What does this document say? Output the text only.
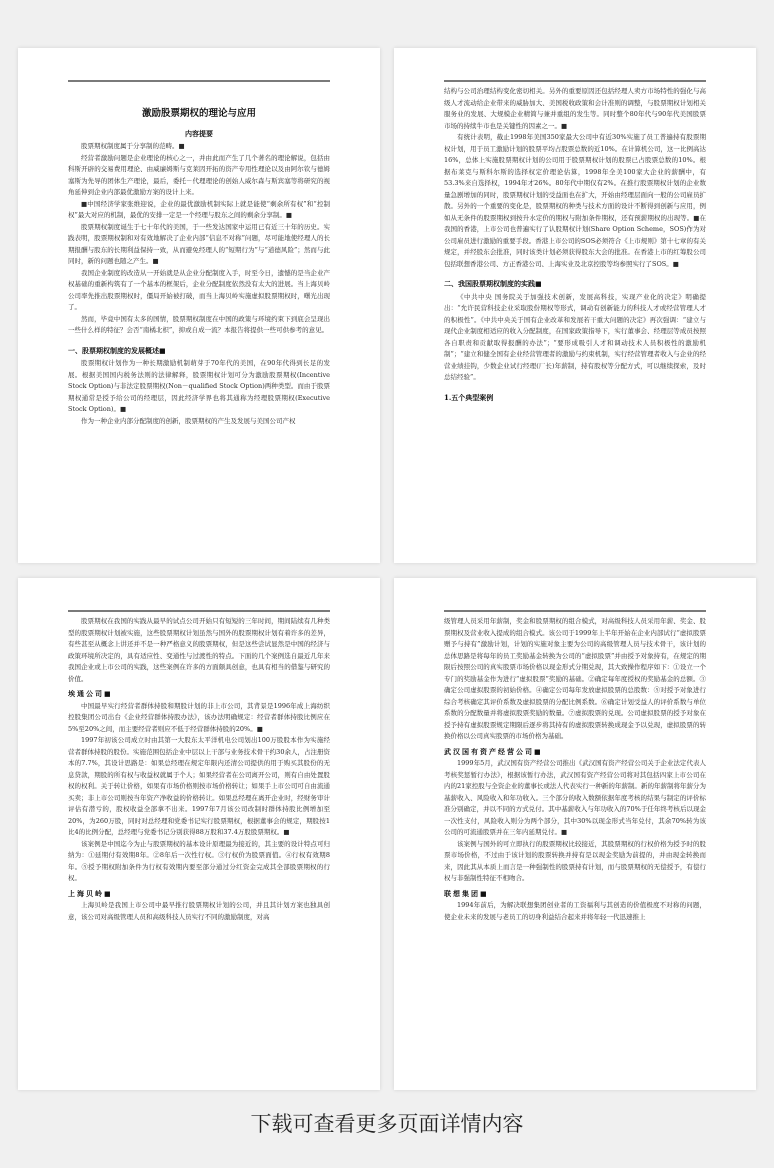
激励股票期权的理论与应用
内容提要

股票期权制度属于分享制的范畴。■

经营者激励问题是企业理论的核心之一，并由此而产生了几个著名的理论解说，包括由科斯开辟的交易费用理论、由威廉姆斯与克莱因开拓的资产专用性理论以及由阿尔钦与德姆塞斯为先导的团体生产理论，最后，委托－代理理论的创始人威尔森与斯宾塞等将研究的视角延伸到企业内部最优激励方案的设计上来。

■中国经济学家张维迎说，企业的最优激励机制实际上就是能使“剩余所有权”和“控制权”最大对应的机制，最优的安排一定是一个经理与股东之间的剩余分享制。■

股票期权制度诞生于七十年代的美国，于一些发达国家中运用已有近三十年的历史。实践表明，股票期权制和对有效地解决了企业内部“信息不对称”问题，尽可能地使经理人的长期报酬与股东的长期利益保持一致，从而避免经理人的“短期行为”与“道德风险”；然而与此同时，新的问题也随之产生。■

我国企业制度的改造从一开始就是从企业分配制度入手，时至今日，遗憾的是当企业产权基础的重新构筑有了一个基本的框架后，企业分配制度依然没有太大的进展。当上海贝岭公司率先推出股票期权时，僵局开始被打破，而当上海贝岭实施虚拟股票期权时，曙光出现了。

然而，毕竟中国有太多的国情，股票期权制度在中国的政策与环境约束下到底会呈现出一些什么样的特征？会否“南橘北枳”，抑或自成一流？本报告将提供一些可供参考的意见。

一、股票期权制度的发展概述■

股票期权计划作为一种长期激励机制萌芽于70年代的美国，在90年代得到长足的发展。根据美国国内税务法则的法律解释，股票期权计划可分为激励股票期权(Incentive Stock Option)与非法定股票期权(Non－qualified Stock Option)两种类型。而由于股票期权通常是授予给公司的经理层，因此经济学界也将其通称为经理股票期权(Executive Stock Option)。■

作为一种企业内部分配制度的创新，股票期权的产生及发展与美国公司产权

结构与公司治理结构变化密切相关。另外的重要原因还包括经理人卖方市场特性的强化与高级人才流动给企业带来的威胁加大、美国税收政策和会计准则的调整，与股票期权计划相关服务业的发展、大规模企业精简与兼并重组的发生等。同时整个80年代与90年代美国股票市场的持续牛市也是关键性的因素之一。■

有统计表明，截止1998年美国350家最大公司中有近30%实施了员工普遍持有股票期权计划，用于员工激励计划的股票平均占股票总数的近10%。在计算机公司，这一比例高达16%，总体上实施股票期权计划的公司用于股票期权计划的股票已占股票总数的10%。根据布莱克与斯科尔斯的选择权定价理论估算，1998年全美100家大企业的薪酬中，有53.3%来自选择权，1994年才26%。80年代中期仅有2%。在推行股票期权计划的企业数量急剧增加的同时，股票期权计划的受益面也在扩大，开始由经理层面向一般的公司雇员扩散。另外的一个重要的变化是，股票期权的种类与技术方面的设计不断得到创新与应用，例如从无条件的股票期权到按升水定价的期权与附加条件期权，还有预薪期权的出现等。■在我国的香港，上市公司也普遍实行了认股期权计划(Share Option Scheme，SOS)作为对公司雇员进行激励的重要手段。香港上市公司的SOS必须符合《上市规则》第十七章的有关规定，并经股东会批准，同时该类计划必须获得股东大会的批准。在香港上市的红筹股公司包括联想香港公司、方正香港公司、上海实业及北京控股等均参照实行了SOS。■

二、我国股票期权制度的实践■

《中共中央 国务院关于加强技术创新，发展高科技，实现产业化的决定》明确提出：“允许民营科技企业采取股份期权等形式，调动有创新能力的科技人才或经营管理人才的积极性”。《中共中央关于国有企业改革和发展若干重大问题的决定》再次强调：“建立与现代企业制度相适应的收入分配制度，在国家政策指导下，实行董事会、经理层等成员按照各自职责和贡献取得报酬的办法”；“要形成吸引人才和调动技术人员积极性的激励机制”；“建立和健全国有企业经营管理者的激励与约束机制，实行经营管理者收入与企业的经营业绩挂钩，少数企业试行经理(厂长)年薪制，持有股权等分配方式，可以继续探索，及时总结经验”。

1.五个典型案例

股票期权在我国的实践从最早的试点公司开始只有短短的三年时间，期间陆续有几种类型的股票期权计划被实施，这些股票期权计划虽然与国外的股票期权计划有着许多的差异，有些甚至从概念上讲还并不是一种严格意义的股票期权，但是这些尝试显然是中国的经济与政策环境所决定的，具有适应性、变通性与过渡性的特点。下面的几个案例选自最近几年来我国企业或上市公司的实践，这些案例在许多的方面颇具创意，也具有相当的借鉴与研究的价值。

埃通公司■

中国最早实行经营者群体持股和期股计划的非上市公司，其背景是1996年成上海纺织控股集团公司出台《企业经营群体持股办法》，该办法明确规定：经营者群体持股比例应在5%至20%之间，而主要经营者则应不低于经营群体持股的20%。■

1997年初该公司成立时由其第一大股东太平洋机电公司划出100万股股本作为实施经营者群体持股的股份。实施范围包括企业中层以上干部与业务技术骨干约30余人，占注册资本的7.7%，其设计思路是：如果总经理在规定年限内还清公司提供的用于购买其股份的无息贷款，期股的所有权与收益权就属于个人；如果经营者在公司离开公司，则有自由处置股权的权利。关于转让价格，如果有市场价格则按市场价格转让；如果手上市公司可自由流通买卖；非上市公司则按当年资产净收益的价格转让。如果总经理在离开企业时，经财务审计评估有潜亏的，股权收益全部拿不出来。1997年7月该公司改制时群体持股比例增加至20%，为260万股，同时对总经理和党委书记实行股票期权，根据董事会的规定，期股按1比4的比例分配，总经理与党委书记分别获得88万股和37.4万股股票期权。■

该案例是中国迄今为止与股票期权的基本设计原理最为接近的，其主要的设计特点可归纳为：①延期付有效期8年。②8年后一次性行权。③行权价为股票面值。④行权有效期8年。⑤授予期权附加条件为行权有效期内要至部分通过分红资金完成其全部股票期权的行权。

上海贝岭■

上海贝岭是我国上市公司中最早推行股票期权计划的公司，并且其计划方案也独具创意，该公司对高级管理人员和高级科技人员实行不同的激励制度，对高

级管理人员采用年薪制，奖金和股票期权的组合模式，对高级科技人员采用年薪、奖金、股票期权及营业收入提成的组合模式。该公司于1999年上半年开始在企业内部试行“虚拟股票赠予与持有”激励计划，计划的实施对象主要为公司的高级管理人员与技术骨干，该计划的总体思路是将每年的员工奖励基金转换为公司的“虚拟股票”并由授予对象持有，在规定的期限后按照公司的真实股票市场价格以现金形式分期兑现，其大致操作程序如下：①设立一个专门的奖励基金作为进行“虚拟股票”奖励的基础。②确定每年度授权的奖励基金的总额。③确定公司虚拟股票的初始价格。④确定公司每年发放虚拟股票的总股数：⑤对授予对象进行综合考核确定其评价系数及虚拟股票的分配比例系数。⑥确定计划受益人的评价系数与单位系数的分配数量并将虚拟股票奖励的数量。⑦虚拟股票的兑现。公司虚拟股票的授予对象在授予持有虚拟股票规定期限后逐步将其持有的虚拟股票转换成现金予以兑现，虚拟股票的转换价格以公司真实股票的市场价格为基础。

武汉国有资产经营公司■

1999年5月，武汉国有资产经营公司推出《武汉国有资产经营公司关于企业法定代表人考核奖惩暂行办法》，根据该暂行办法，武汉国有资产经营公司将对其包括四家上市公司在内的21家控股与全资企业的董事长或法人代表实行一种新的年薪制。新的年薪制将年薪分为基薪收入、风险收入和年功收入。三个部分的收入数额依据年度考核的结果与制定的评价标准分别确定，并以不同的方式兑付。其中基薪收入与年功收入的70%于任年终考核后以现金一次性支付，风险收入则分为两个部分，其中30%以现金形式当年兑付，其余70%转为该公司的可流通股票并在三年内延期兑付。■

该案例与国外的可立即执行的股票期权比较接近，其股票期权的行权价格为授予时的股票市场价格，不过由于该计划的股票转换并持有是以现金奖励为前提的，并由现金转换而来，因此其从本质上而言是一种强制性的股票持有计划，而与股票期权的无偿授予，有偿行权与非强制性特征不相吻合。

联想集团■

1994年前后，为解决联想集团创业者的工资福利与其创造的价值极度不对称的问题，使企业未来的发展与老员工的切身利益结合起来并将年轻一代迅速推上

下载可查看更多页面详情内容
